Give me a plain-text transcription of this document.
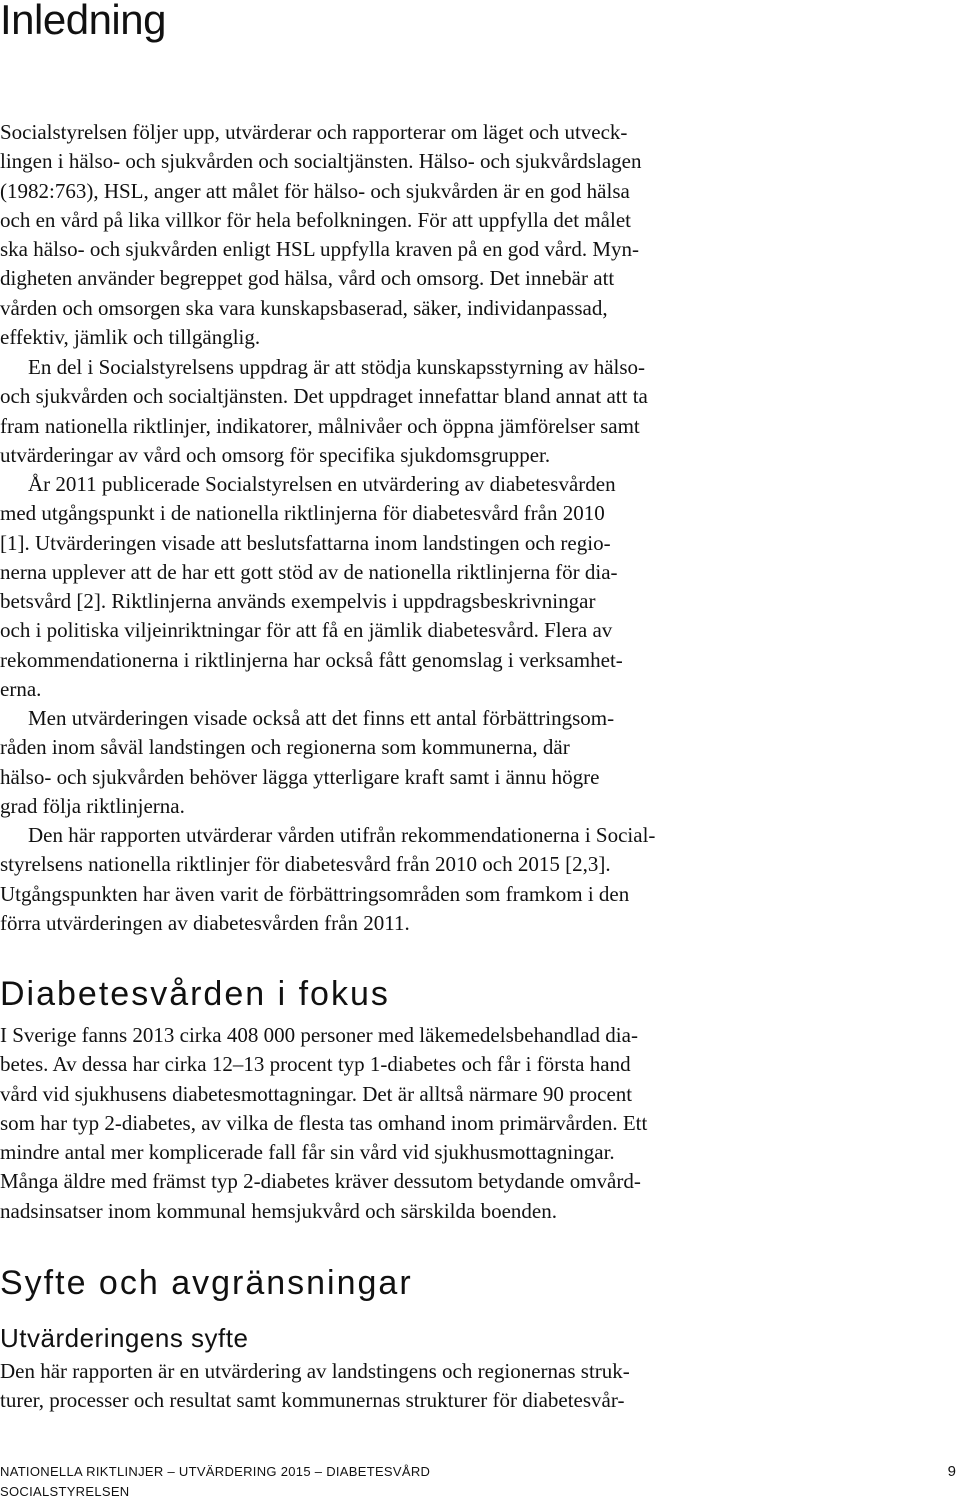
Inledning

Socialstyrelsen följer upp, utvärderar och rapporterar om läget och utveck-
lingen i hälso- och sjukvården och socialtjänsten. Hälso- och sjukvårdslagen
(1982:763), HSL, anger att målet för hälso- och sjukvården är en god hälsa
och en vård på lika villkor för hela befolkningen. För att uppfylla det målet
ska hälso- och sjukvården enligt HSL uppfylla kraven på en god vård. Myn-
digheten använder begreppet god hälsa, vård och omsorg. Det innebär att
vården och omsorgen ska vara kunskapsbaserad, säker, individanpassad,
effektiv, jämlik och tillgänglig.

En del i Socialstyrelsens uppdrag är att stödja kunskapsstyrning av hälso-
och sjukvården och socialtjänsten. Det uppdraget innefattar bland annat att ta
fram nationella riktlinjer, indikatorer, målnivåer och öppna jämförelser samt
utvärderingar av vård och omsorg för specifika sjukdomsgrupper.

År 2011 publicerade Socialstyrelsen en utvärdering av diabetesvården
med utgångspunkt i de nationella riktlinjerna för diabetesvård från 2010
[1]. Utvärderingen visade att beslutsfattarna inom landstingen och regio-
nerna upplever att de har ett gott stöd av de nationella riktlinjerna för dia-
betsvård [2]. Riktlinjerna används exempelvis i uppdragsbeskrivningar
och i politiska viljeinriktningar för att få en jämlik diabetesvård. Flera av
rekommendationerna i riktlinjerna har också fått genomslag i verksamhet-
erna.

Men utvärderingen visade också att det finns ett antal förbättringsom-
råden inom såväl landstingen och regionerna som kommunerna, där
hälso- och sjukvården behöver lägga ytterligare kraft samt i ännu högre
grad följa riktlinjerna.

Den här rapporten utvärderar vården utifrån rekommendationerna i Social-
styrelsens nationella riktlinjer för diabetesvård från 2010 och 2015 [2,3].
Utgångspunkten har även varit de förbättringsområden som framkom i den
förra utvärderingen av diabetesvården från 2011.

Diabetesvården i fokus

I Sverige fanns 2013 cirka 408 000 personer med läkemedelsbehandlad dia-
betes. Av dessa har cirka 12–13 procent typ 1-diabetes och får i första hand
vård vid sjukhusens diabetesmottagningar. Det är alltså närmare 90 procent
som har typ 2-diabetes, av vilka de flesta tas omhand inom primärvården. Ett
mindre antal mer komplicerade fall får sin vård vid sjukhusmottagningar.
Många äldre med främst typ 2-diabetes kräver dessutom betydande omvård-
nadsinsatser inom kommunal hemsjukvård och särskilda boenden.

Syfte och avgränsningar
Utvärderingens syfte

Den här rapporten är en utvärdering av landstingens och regionernas struk-
turer, processer och resultat samt kommunernas strukturer för diabetesvår-

NATIONELLA RIKTLINJER – UTVÄRDERING 2015 – DIABETESVÅRD
SOCIALSTYRELSEN
9
